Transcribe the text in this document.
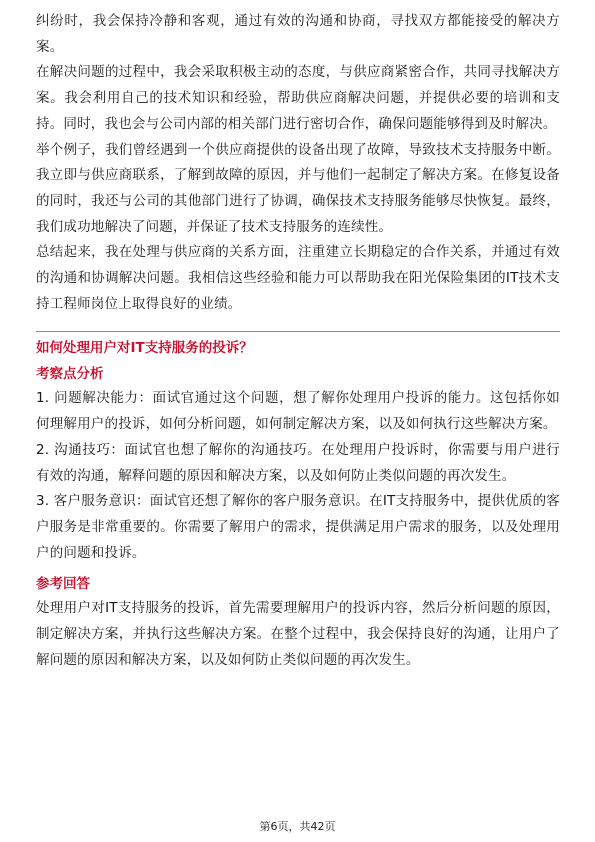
纠纷时，我会保持冷静和客观，通过有效的沟通和协商，寻找双方都能接受的解决方案。

在解决问题的过程中，我会采取积极主动的态度，与供应商紧密合作，共同寻找解决方案。我会利用自己的技术知识和经验，帮助供应商解决问题，并提供必要的培训和支持。同时，我也会与公司内部的相关部门进行密切合作，确保问题能够得到及时解决。

举个例子，我们曾经遇到一个供应商提供的设备出现了故障，导致技术支持服务中断。我立即与供应商联系，了解到故障的原因，并与他们一起制定了解决方案。在修复设备的同时，我还与公司的其他部门进行了协调，确保技术支持服务能够尽快恢复。最终，我们成功地解决了问题，并保证了技术支持服务的连续性。

总结起来，我在处理与供应商的关系方面，注重建立长期稳定的合作关系，并通过有效的沟通和协调解决问题。我相信这些经验和能力可以帮助我在阳光保险集团的IT技术支持工程师岗位上取得良好的业绩。

如何处理用户对IT支持服务的投诉？

考察点分析

1. 问题解决能力：面试官通过这个问题，想了解你处理用户投诉的能力。这包括你如何理解用户的投诉，如何分析问题，如何制定解决方案，以及如何执行这些解决方案。

2. 沟通技巧：面试官也想了解你的沟通技巧。在处理用户投诉时，你需要与用户进行有效的沟通，解释问题的原因和解决方案，以及如何防止类似问题的再次发生。

3. 客户服务意识：面试官还想了解你的客户服务意识。在IT支持服务中，提供优质的客户服务是非常重要的。你需要了解用户的需求，提供满足用户需求的服务，以及处理用户的问题和投诉。

参考回答

处理用户对IT支持服务的投诉，首先需要理解用户的投诉内容，然后分析问题的原因，制定解决方案，并执行这些解决方案。在整个过程中，我会保持良好的沟通，让用户了解问题的原因和解决方案，以及如何防止类似问题的再次发生。

第6页，共42页
